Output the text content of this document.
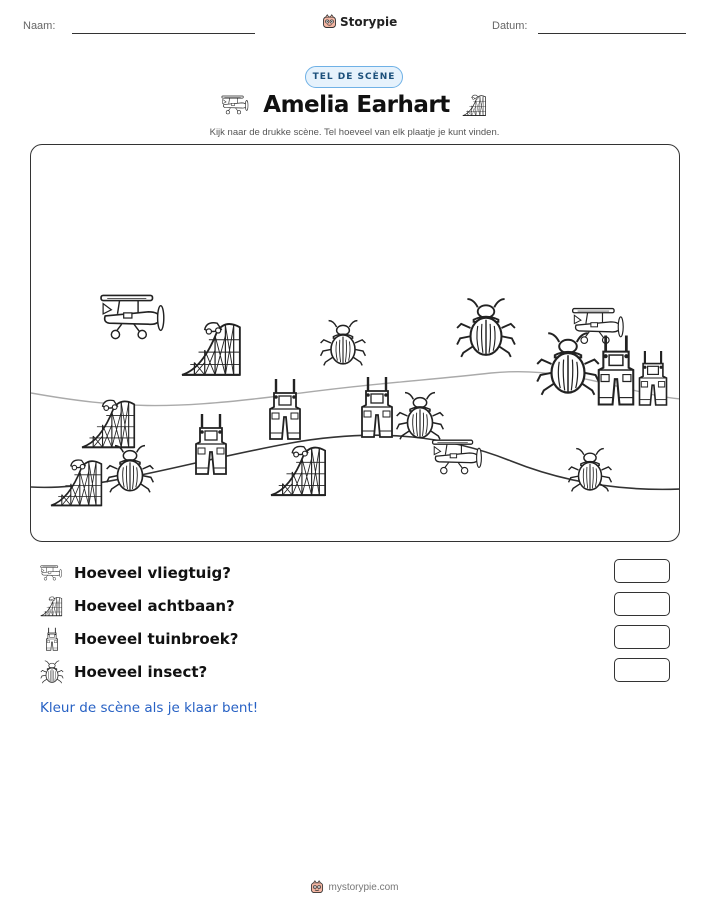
Naam:	Storypie	Datum:
TEL DE SCÈNE
Amelia Earhart
Kijk naar de drukke scène. Tel hoeveel van elk plaatje je kunt vinden.
Hoeveel vliegtuig?
Hoeveel achtbaan?
Hoeveel tuinbroek?
Hoeveel insect?
Kleur de scène als je klaar bent!
mystorypie.com
